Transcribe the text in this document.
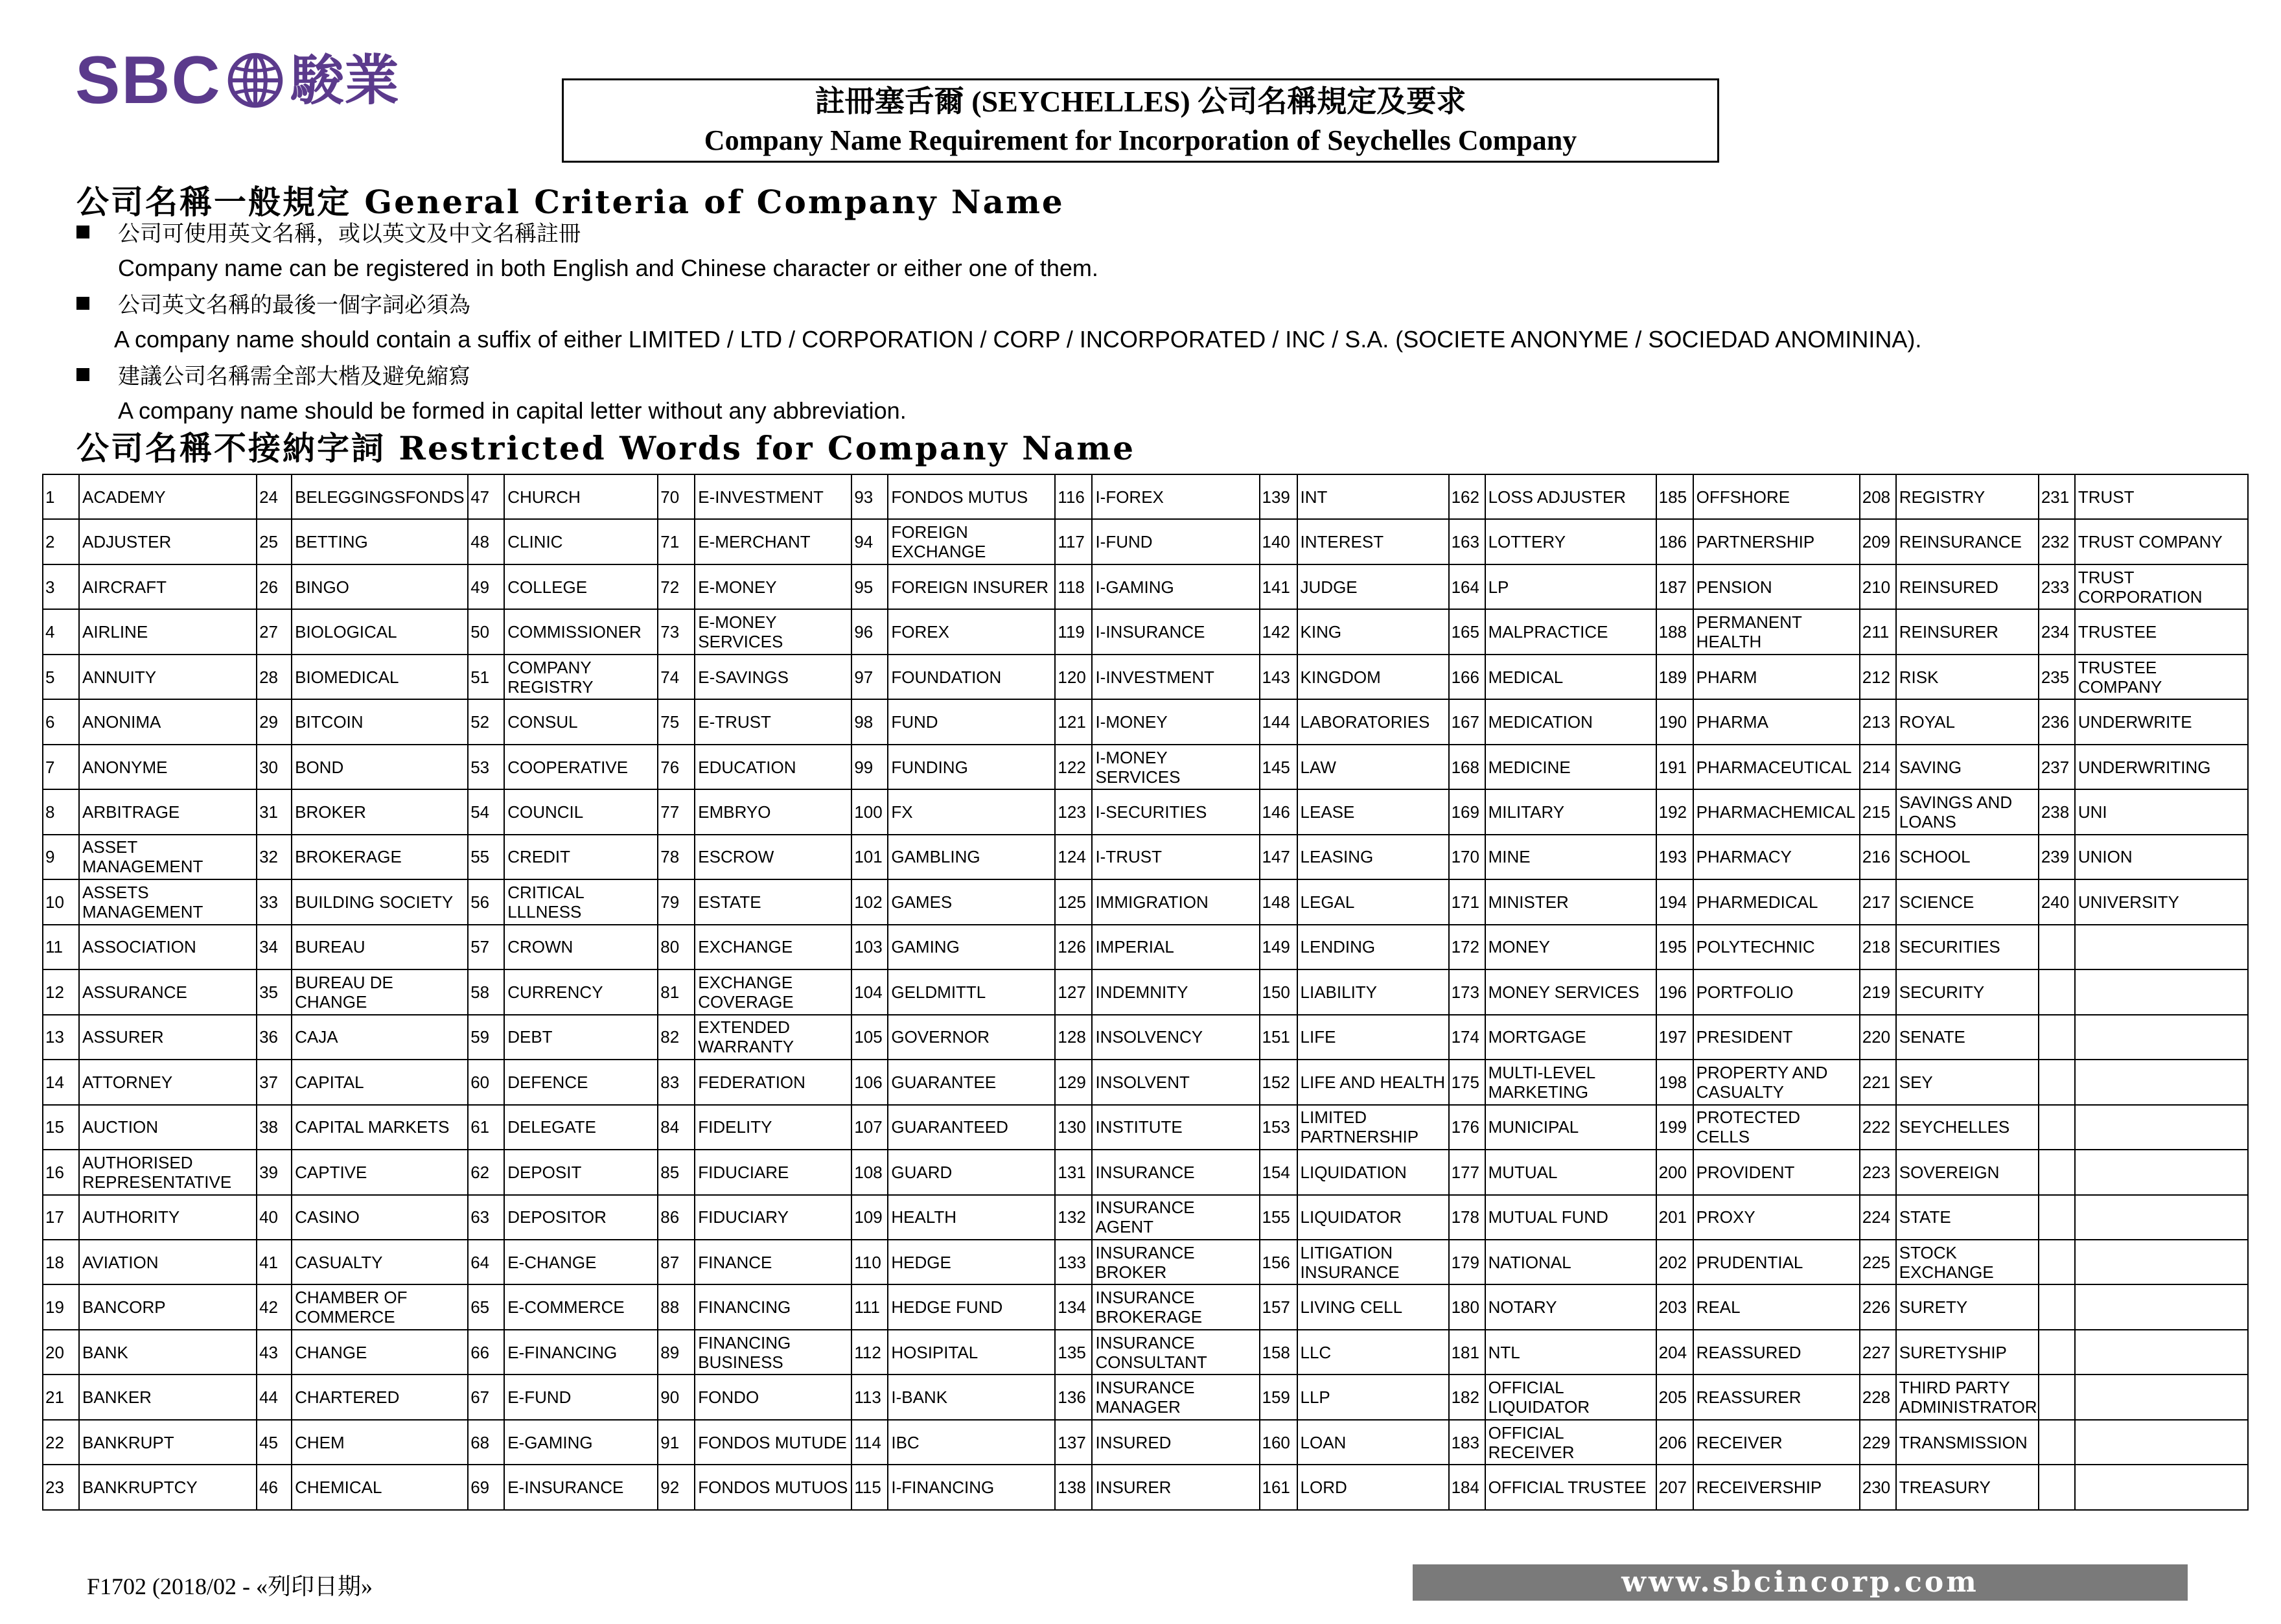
SBC 駿業	註冊塞舌爾 (SEYCHELLES) 公司名稱規定及要求
Company Name Requirement for Incorporation of Seychelles Company
公司名稱一般規定 General Criteria of Company Name
公司可使用英文名稱，或以英文及中文名稱註冊
Company name can be registered in both English and Chinese character or either one of them.
公司英文名稱的最後一個字詞必須為
A company name should contain a suffix of either LIMITED / LTD / CORPORATION / CORP / INCORPORATED / INC / S.A. (SOCIETE ANONYME / SOCIEDAD ANOMININA).
建議公司名稱需全部大楷及避免縮寫
A company name should be formed in capital letter without any abbreviation.
公司名稱不接納字詞 Restricted Words for Company Name
1	ACADEMY	24	BELEGGINGSFONDS	47	CHURCH	70	E-INVESTMENT	93	FONDOS MUTUS	116	I-FOREX	139	INT	162	LOSS ADJUSTER	185	OFFSHORE	208	REGISTRY	231	TRUST
2	ADJUSTER	25	BETTING	48	CLINIC	71	E-MERCHANT	94	FOREIGN EXCHANGE	117	I-FUND	140	INTEREST	163	LOTTERY	186	PARTNERSHIP	209	REINSURANCE	232	TRUST COMPANY
3	AIRCRAFT	26	BINGO	49	COLLEGE	72	E-MONEY	95	FOREIGN INSURER	118	I-GAMING	141	JUDGE	164	LP	187	PENSION	210	REINSURED	233	TRUST CORPORATION
4	AIRLINE	27	BIOLOGICAL	50	COMMISSIONER	73	E-MONEY SERVICES	96	FOREX	119	I-INSURANCE	142	KING	165	MALPRACTICE	188	PERMANENT HEALTH	211	REINSURER	234	TRUSTEE
5	ANNUITY	28	BIOMEDICAL	51	COMPANY REGISTRY	74	E-SAVINGS	97	FOUNDATION	120	I-INVESTMENT	143	KINGDOM	166	MEDICAL	189	PHARM	212	RISK	235	TRUSTEE COMPANY
6	ANONIMA	29	BITCOIN	52	CONSUL	75	E-TRUST	98	FUND	121	I-MONEY	144	LABORATORIES	167	MEDICATION	190	PHARMA	213	ROYAL	236	UNDERWRITE
7	ANONYME	30	BOND	53	COOPERATIVE	76	EDUCATION	99	FUNDING	122	I-MONEY SERVICES	145	LAW	168	MEDICINE	191	PHARMACEUTICAL	214	SAVING	237	UNDERWRITING
8	ARBITRAGE	31	BROKER	54	COUNCIL	77	EMBRYO	100	FX	123	I-SECURITIES	146	LEASE	169	MILITARY	192	PHARMACHEMICAL	215	SAVINGS AND LOANS	238	UNI
9	ASSET MANAGEMENT	32	BROKERAGE	55	CREDIT	78	ESCROW	101	GAMBLING	124	I-TRUST	147	LEASING	170	MINE	193	PHARMACY	216	SCHOOL	239	UNION
10	ASSETS MANAGEMENT	33	BUILDING SOCIETY	56	CRITICAL LLLNESS	79	ESTATE	102	GAMES	125	IMMIGRATION	148	LEGAL	171	MINISTER	194	PHARMEDICAL	217	SCIENCE	240	UNIVERSITY
11	ASSOCIATION	34	BUREAU	57	CROWN	80	EXCHANGE	103	GAMING	126	IMPERIAL	149	LENDING	172	MONEY	195	POLYTECHNIC	218	SECURITIES		
12	ASSURANCE	35	BUREAU DE CHANGE	58	CURRENCY	81	EXCHANGE COVERAGE	104	GELDMITTL	127	INDEMNITY	150	LIABILITY	173	MONEY SERVICES	196	PORTFOLIO	219	SECURITY		
13	ASSURER	36	CAJA	59	DEBT	82	EXTENDED WARRANTY	105	GOVERNOR	128	INSOLVENCY	151	LIFE	174	MORTGAGE	197	PRESIDENT	220	SENATE		
14	ATTORNEY	37	CAPITAL	60	DEFENCE	83	FEDERATION	106	GUARANTEE	129	INSOLVENT	152	LIFE AND HEALTH	175	MULTI-LEVEL MARKETING	198	PROPERTY AND CASUALTY	221	SEY		
15	AUCTION	38	CAPITAL MARKETS	61	DELEGATE	84	FIDELITY	107	GUARANTEED	130	INSTITUTE	153	LIMITED PARTNERSHIP	176	MUNICIPAL	199	PROTECTED CELLS	222	SEYCHELLES		
16	AUTHORISED REPRESENTATIVE	39	CAPTIVE	62	DEPOSIT	85	FIDUCIARE	108	GUARD	131	INSURANCE	154	LIQUIDATION	177	MUTUAL	200	PROVIDENT	223	SOVEREIGN		
17	AUTHORITY	40	CASINO	63	DEPOSITOR	86	FIDUCIARY	109	HEALTH	132	INSURANCE AGENT	155	LIQUIDATOR	178	MUTUAL FUND	201	PROXY	224	STATE		
18	AVIATION	41	CASUALTY	64	E-CHANGE	87	FINANCE	110	HEDGE	133	INSURANCE BROKER	156	LITIGATION INSURANCE	179	NATIONAL	202	PRUDENTIAL	225	STOCK EXCHANGE		
19	BANCORP	42	CHAMBER OF COMMERCE	65	E-COMMERCE	88	FINANCING	111	HEDGE FUND	134	INSURANCE BROKERAGE	157	LIVING CELL	180	NOTARY	203	REAL	226	SURETY		
20	BANK	43	CHANGE	66	E-FINANCING	89	FINANCING BUSINESS	112	HOSIPITAL	135	INSURANCE CONSULTANT	158	LLC	181	NTL	204	REASSURED	227	SURETYSHIP		
21	BANKER	44	CHARTERED	67	E-FUND	90	FONDO	113	I-BANK	136	INSURANCE MANAGER	159	LLP	182	OFFICIAL LIQUIDATOR	205	REASSURER	228	THIRD PARTY ADMINISTRATOR		
22	BANKRUPT	45	CHEM	68	E-GAMING	91	FONDOS MUTUDE	114	IBC	137	INSURED	160	LOAN	183	OFFICIAL RECEIVER	206	RECEIVER	229	TRANSMISSION		
23	BANKRUPTCY	46	CHEMICAL	69	E-INSURANCE	92	FONDOS MUTUOS	115	I-FINANCING	138	INSURER	161	LORD	184	OFFICIAL TRUSTEE	207	RECEIVERSHIP	230	TREASURY		
F1702 (2018/02 - «列印日期»	www.sbcincorp.com
